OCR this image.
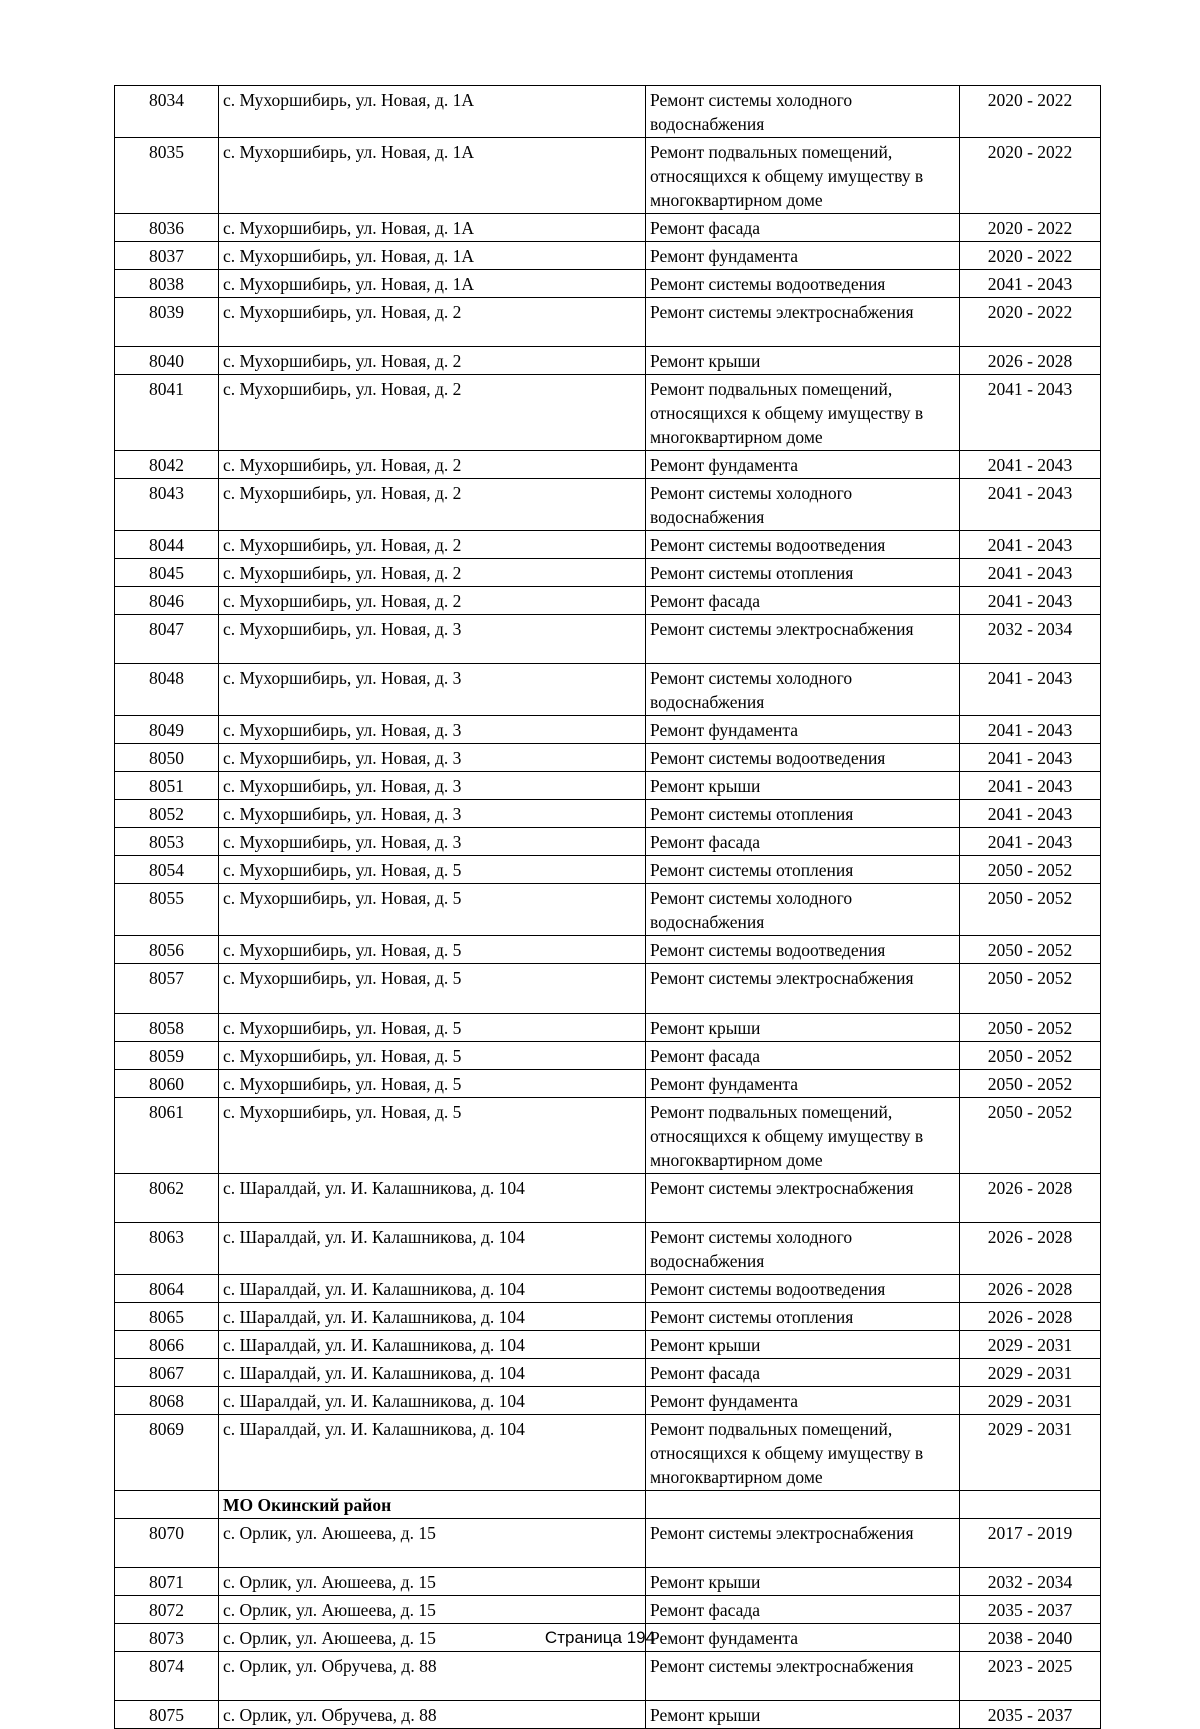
8034	с. Мухоршибирь, ул. Новая, д. 1А	Ремонт системы холодного водоснабжения	2020 - 2022
8035	с. Мухоршибирь, ул. Новая, д. 1А	Ремонт подвальных помещений, относящихся к общему имуществу в многоквартирном доме	2020 - 2022
8036	с. Мухоршибирь, ул. Новая, д. 1А	Ремонт фасада	2020 - 2022
8037	с. Мухоршибирь, ул. Новая, д. 1А	Ремонт фундамента	2020 - 2022
8038	с. Мухоршибирь, ул. Новая, д. 1А	Ремонт системы водоотведения	2041 - 2043
8039	с. Мухоршибирь, ул. Новая, д. 2	Ремонт системы электроснабжения	2020 - 2022
8040	с. Мухоршибирь, ул. Новая, д. 2	Ремонт крыши	2026 - 2028
8041	с. Мухоршибирь, ул. Новая, д. 2	Ремонт подвальных помещений, относящихся к общему имуществу в многоквартирном доме	2041 - 2043
8042	с. Мухоршибирь, ул. Новая, д. 2	Ремонт фундамента	2041 - 2043
8043	с. Мухоршибирь, ул. Новая, д. 2	Ремонт системы холодного водоснабжения	2041 - 2043
8044	с. Мухоршибирь, ул. Новая, д. 2	Ремонт системы водоотведения	2041 - 2043
8045	с. Мухоршибирь, ул. Новая, д. 2	Ремонт системы отопления	2041 - 2043
8046	с. Мухоршибирь, ул. Новая, д. 2	Ремонт фасада	2041 - 2043
8047	с. Мухоршибирь, ул. Новая, д. 3	Ремонт системы электроснабжения	2032 - 2034
8048	с. Мухоршибирь, ул. Новая, д. 3	Ремонт системы холодного водоснабжения	2041 - 2043
8049	с. Мухоршибирь, ул. Новая, д. 3	Ремонт фундамента	2041 - 2043
8050	с. Мухоршибирь, ул. Новая, д. 3	Ремонт системы водоотведения	2041 - 2043
8051	с. Мухоршибирь, ул. Новая, д. 3	Ремонт крыши	2041 - 2043
8052	с. Мухоршибирь, ул. Новая, д. 3	Ремонт системы отопления	2041 - 2043
8053	с. Мухоршибирь, ул. Новая, д. 3	Ремонт фасада	2041 - 2043
8054	с. Мухоршибирь, ул. Новая, д. 5	Ремонт системы отопления	2050 - 2052
8055	с. Мухоршибирь, ул. Новая, д. 5	Ремонт системы холодного водоснабжения	2050 - 2052
8056	с. Мухоршибирь, ул. Новая, д. 5	Ремонт системы водоотведения	2050 - 2052
8057	с. Мухоршибирь, ул. Новая, д. 5	Ремонт системы электроснабжения	2050 - 2052
8058	с. Мухоршибирь, ул. Новая, д. 5	Ремонт крыши	2050 - 2052
8059	с. Мухоршибирь, ул. Новая, д. 5	Ремонт фасада	2050 - 2052
8060	с. Мухоршибирь, ул. Новая, д. 5	Ремонт фундамента	2050 - 2052
8061	с. Мухоршибирь, ул. Новая, д. 5	Ремонт подвальных помещений, относящихся к общему имуществу в многоквартирном доме	2050 - 2052
8062	с. Шаралдай, ул. И. Калашникова, д. 104	Ремонт системы электроснабжения	2026 - 2028
8063	с. Шаралдай, ул. И. Калашникова, д. 104	Ремонт системы холодного водоснабжения	2026 - 2028
8064	с. Шаралдай, ул. И. Калашникова, д. 104	Ремонт системы водоотведения	2026 - 2028
8065	с. Шаралдай, ул. И. Калашникова, д. 104	Ремонт системы отопления	2026 - 2028
8066	с. Шаралдай, ул. И. Калашникова, д. 104	Ремонт крыши	2029 - 2031
8067	с. Шаралдай, ул. И. Калашникова, д. 104	Ремонт фасада	2029 - 2031
8068	с. Шаралдай, ул. И. Калашникова, д. 104	Ремонт фундамента	2029 - 2031
8069	с. Шаралдай, ул. И. Калашникова, д. 104	Ремонт подвальных помещений, относящихся к общему имуществу в многоквартирном доме	2029 - 2031
	МО Окинский район		
8070	с. Орлик, ул. Аюшеева, д. 15	Ремонт системы электроснабжения	2017 - 2019
8071	с. Орлик, ул. Аюшеева, д. 15	Ремонт крыши	2032 - 2034
8072	с. Орлик, ул. Аюшеева, д. 15	Ремонт фасада	2035 - 2037
8073	с. Орлик, ул. Аюшеева, д. 15	Ремонт фундамента	2038 - 2040
8074	с. Орлик, ул. Обручева, д. 88	Ремонт системы электроснабжения	2023 - 2025
8075	с. Орлик, ул. Обручева, д. 88	Ремонт крыши	2035 - 2037
Страница 194
